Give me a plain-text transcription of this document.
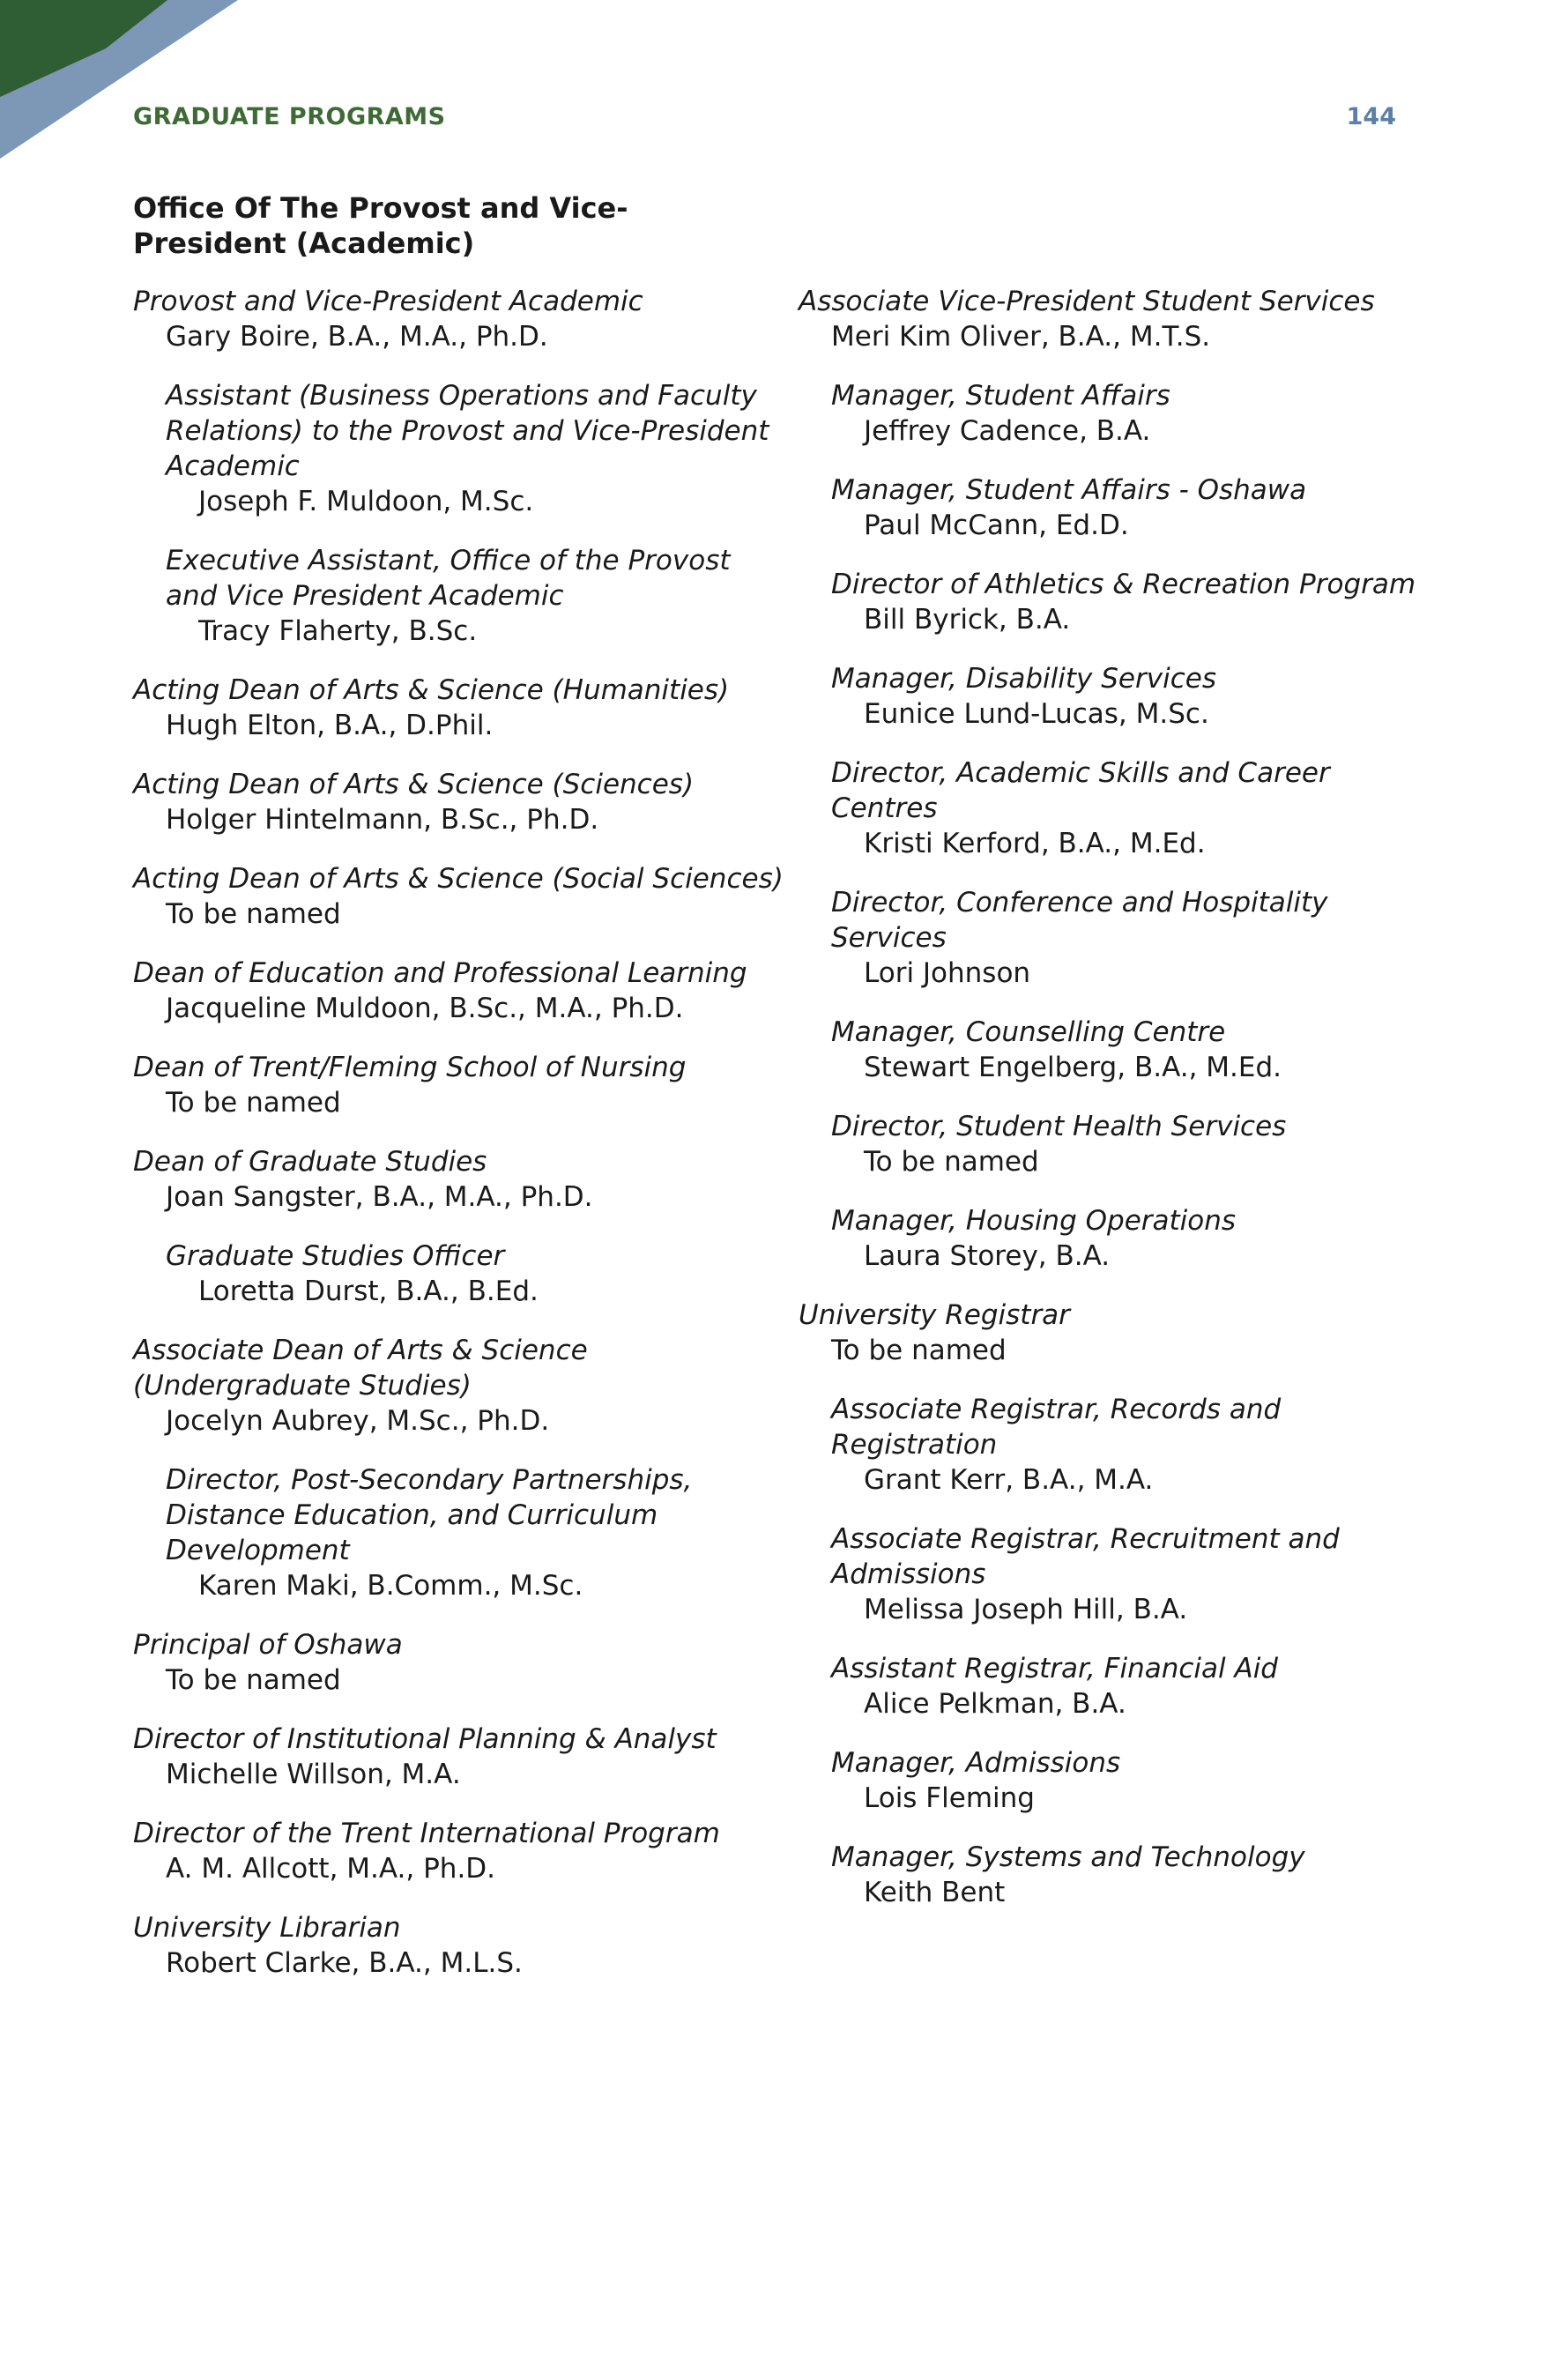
GRADUATE PROGRAMS	144
Office Of The Provost and Vice-President (Academic)
Provost and Vice-President Academic
Gary Boire, B.A., M.A., Ph.D.
Assistant (Business Operations and Faculty Relations) to the Provost and Vice-President Academic
Joseph F. Muldoon, M.Sc.
Executive Assistant, Office of the Provost and Vice President Academic
Tracy Flaherty, B.Sc.
Acting Dean of Arts & Science (Humanities)
Hugh Elton, B.A., D.Phil.
Acting Dean of Arts & Science (Sciences)
Holger Hintelmann, B.Sc., Ph.D.
Acting Dean of Arts & Science (Social Sciences)
To be named
Dean of Education and Professional Learning
Jacqueline Muldoon, B.Sc., M.A., Ph.D.
Dean of Trent/Fleming School of Nursing
To be named
Dean of Graduate Studies
Joan Sangster, B.A., M.A., Ph.D.
Graduate Studies Officer
Loretta Durst, B.A., B.Ed.
Associate Dean of Arts & Science (Undergraduate Studies)
Jocelyn Aubrey, M.Sc., Ph.D.
Director, Post-Secondary Partnerships, Distance Education, and Curriculum Development
Karen Maki, B.Comm., M.Sc.
Principal of Oshawa
To be named
Director of Institutional Planning & Analyst
Michelle Willson, M.A.
Director of the Trent International Program
A. M. Allcott, M.A., Ph.D.
University Librarian
Robert Clarke, B.A., M.L.S.
Associate Vice-President Student Services
Meri Kim Oliver, B.A., M.T.S.
Manager, Student Affairs
Jeffrey Cadence, B.A.
Manager, Student Affairs - Oshawa
Paul McCann, Ed.D.
Director of Athletics & Recreation Program
Bill Byrick, B.A.
Manager, Disability Services
Eunice Lund-Lucas, M.Sc.
Director, Academic Skills and Career Centres
Kristi Kerford, B.A., M.Ed.
Director, Conference and Hospitality Services
Lori Johnson
Manager, Counselling Centre
Stewart Engelberg, B.A., M.Ed.
Director, Student Health Services
To be named
Manager, Housing Operations
Laura Storey, B.A.
University Registrar
To be named
Associate Registrar, Records and Registration
Grant Kerr, B.A., M.A.
Associate Registrar, Recruitment and Admissions
Melissa Joseph Hill, B.A.
Assistant Registrar, Financial Aid
Alice Pelkman, B.A.
Manager, Admissions
Lois Fleming
Manager, Systems and Technology
Keith Bent
